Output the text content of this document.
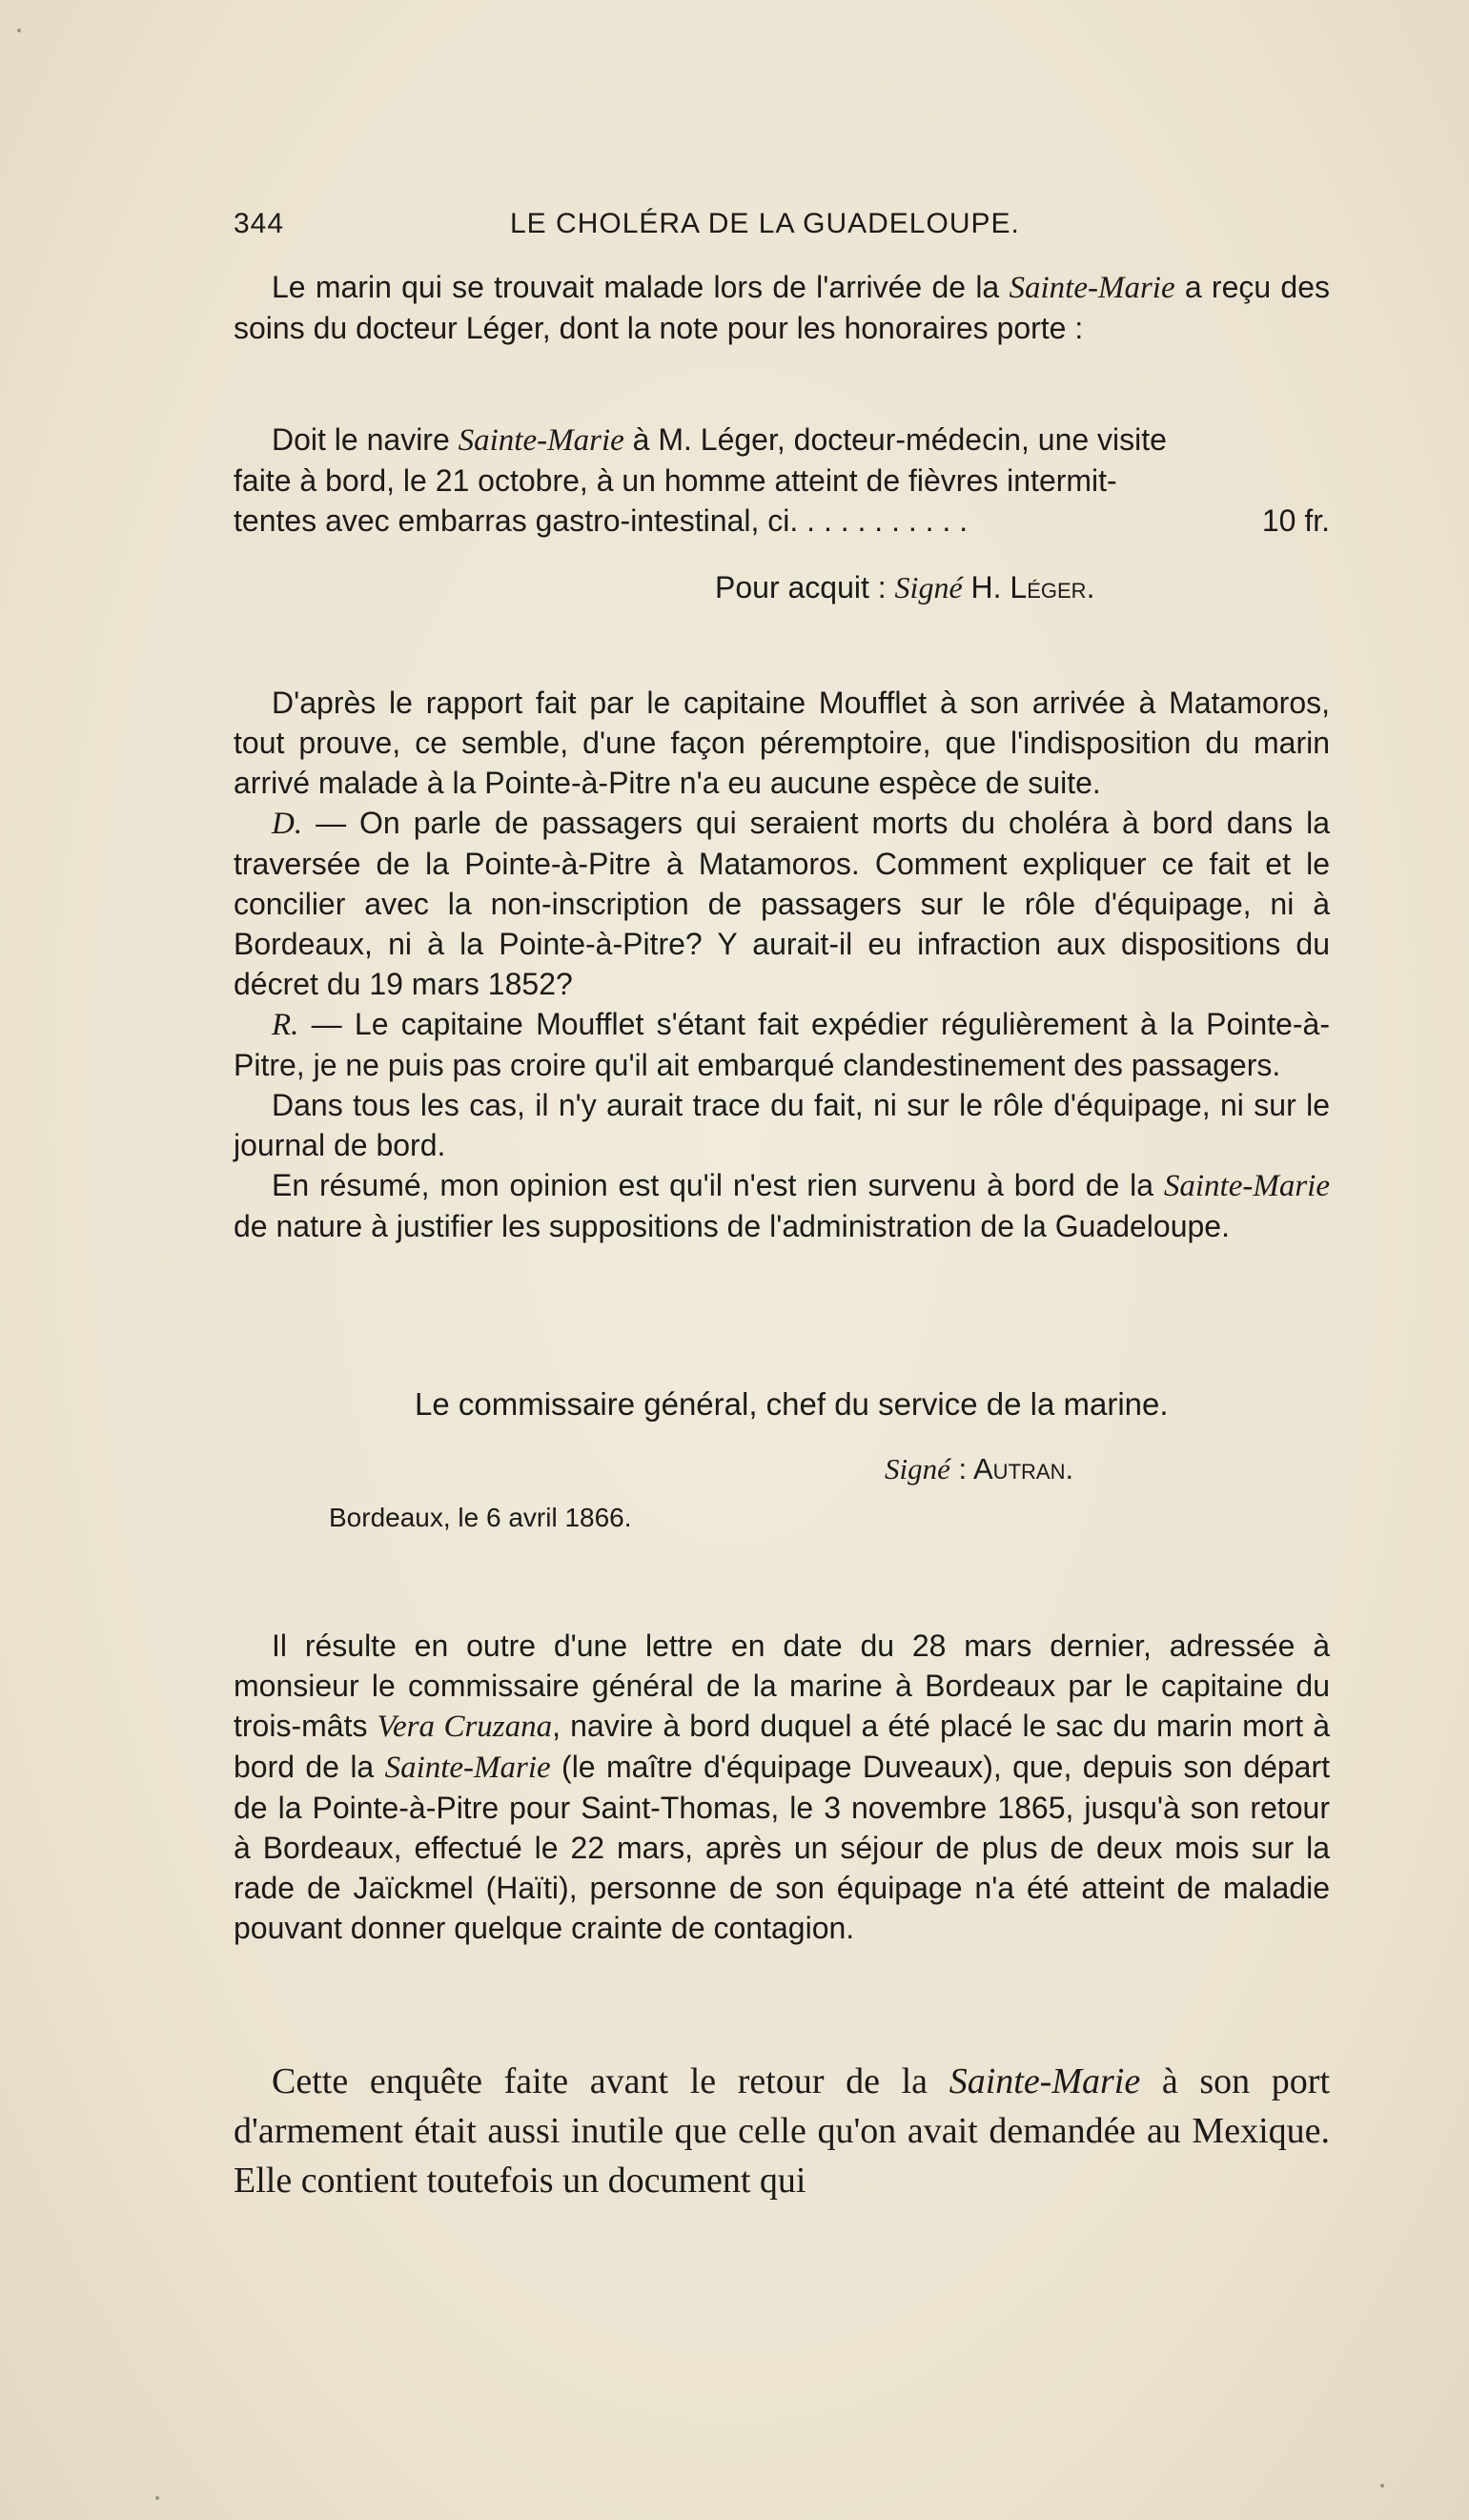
344	LE CHOLÉRA DE LA GUADELOUPE.

Le marin qui se trouvait malade lors de l'arrivée de la Sainte-Marie a reçu des soins du docteur Léger, dont la note pour les honoraires porte :

Doit le navire Sainte-Marie à M. Léger, docteur-médecin, une visite
faite à bord, le 21 octobre, à un homme atteint de fièvres intermit-
tentes avec embarras gastro-intestinal, ci. . . . . . . . . . .	10 fr.
Pour acquit : Signé H. Léger.

D'après le rapport fait par le capitaine Moufflet à son arrivée à Matamoros, tout prouve, ce semble, d'une façon péremptoire, que l'indisposition du marin arrivé malade à la Pointe-à-Pitre n'a eu aucune espèce de suite.

D. — On parle de passagers qui seraient morts du choléra à bord dans la traversée de la Pointe-à-Pitre à Matamoros. Comment expliquer ce fait et le concilier avec la non-inscription de passagers sur le rôle d'équipage, ni à Bordeaux, ni à la Pointe-à-Pitre? Y aurait-il eu infraction aux dispositions du décret du 19 mars 1852?

R. — Le capitaine Moufflet s'étant fait expédier régulièrement à la Pointe-à-Pitre, je ne puis pas croire qu'il ait embarqué clandestinement des passagers.

Dans tous les cas, il n'y aurait trace du fait, ni sur le rôle d'équipage, ni sur le journal de bord.

En résumé, mon opinion est qu'il n'est rien survenu à bord de la Sainte-Marie de nature à justifier les suppositions de l'administration de la Guadeloupe.

Le commissaire général, chef du service de la marine.
Signé : Autran.
Bordeaux, le 6 avril 1866.

Il résulte en outre d'une lettre en date du 28 mars dernier, adressée à monsieur le commissaire général de la marine à Bordeaux par le capitaine du trois-mâts Vera Cruzana, navire à bord duquel a été placé le sac du marin mort à bord de la Sainte-Marie (le maître d'équipage Duveaux), que, depuis son départ de la Pointe-à-Pitre pour Saint-Thomas, le 3 novembre 1865, jusqu'à son retour à Bordeaux, effectué le 22 mars, après un séjour de plus de deux mois sur la rade de Jaïckmel (Haïti), personne de son équipage n'a été atteint de maladie pouvant donner quelque crainte de contagion.

Cette enquête faite avant le retour de la Sainte-Marie à son port d'armement était aussi inutile que celle qu'on avait demandée au Mexique. Elle contient toutefois un document qui
